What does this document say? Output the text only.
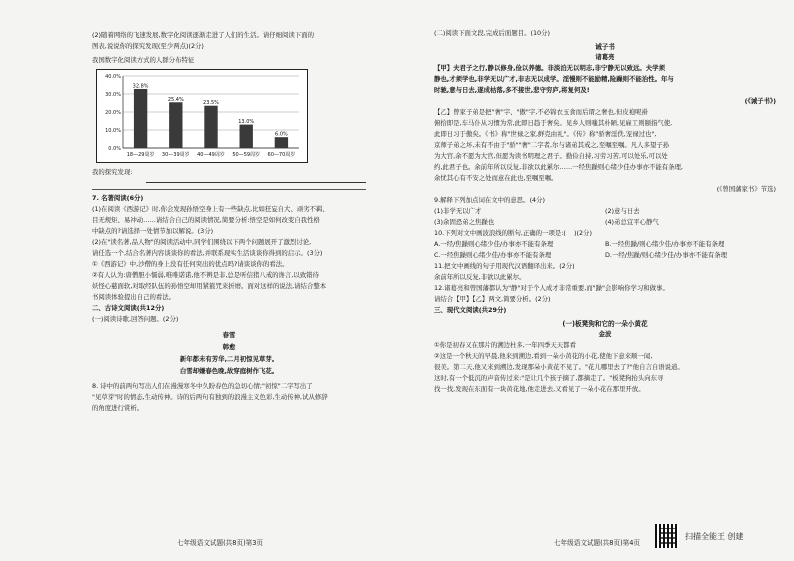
(2)随着网络的飞速发展,数字化阅读逐渐走进了人们的生活。请仔细阅读下面的

图表,说说你的探究发现(至少两点)(2分)

我国数字化阅读方式的人群分布特征

40.0%
30.0%
20.0%
10.0%
0.0%
32.8%
18—29周岁
25.4%
30—39周岁
23.5%
40—49周岁
13.0%
50—59周岁
6.0%
60—70周岁

我的探究发现:

7. 名著阅读(6分)

(1)在阅读《西游记》时,你会发现孙悟空身上有一些缺点,比如狂妄自大、顽劣不羁、

目无规矩、易冲动……请结合自己的阅读情况,简要分析:悟空是如何改变自我性格

中缺点的?请选择一处情节加以解说。(3分)

(2)在"读名著,品人物"的阅读活动中,同学们围绕以下两个问题展开了激烈讨论,

请任选一个,结合名著内容谈谈你的看法,并联系现实生活谈谈你得到的启示。(3分)

①《西游记》中,沙僧的身上没有任何突出的优点吗?请谈谈你的看法。

②有人认为:唐僧胆小懦弱,唯唯诺诺,他不辨是非,总是听信猪八戒的谗言,以致错待

妖怪心慈面软,对取经队伍的孙悟空却用紧箍咒来折磨。面对这样的说法,请结合整本

书阅读体验提出自己的看法。

二、古诗文阅读(共12分)

(一)阅读诗歌,回答问题。(2分)

春雪

韩愈

新年都未有芳华,二月初惊见草芽。

白雪却嫌春色晚,故穿庭树作飞花。

8. 诗中的前两句写出人们在漫漫寒冬中久盼春色的急切心情;"初惊"二字写出了

"见草芽"时的情态,生动传神。诗的后两句有独到的浪漫主义色彩,生动传神,试从修辞

的角度进行赏析。

七年级语文试题(共8页)第3页

(二)阅读下面文段,完成后面题目。(10分)

诫子书

诸葛亮

【甲】夫君子之行,静以修身,俭以养德。非淡泊无以明志,非宁静无以致远。夫学须

静也,才须学也,非学无以广才,非志无以成学。淫慢则不能励精,险躁则不能治性。年与

时驰,意与日去,遂成枯落,多不接世,悲守穷庐,将复何及!

(《诫子书》)

【乙】曾家子弟是把"奢"字、"傲"字,不必锦衣玉食而后谓之奢也,但皮袍呢褂

俯拾即是,车马仆从习惯为常,此即日趋于奢矣。见乡人则嗤其朴陋,见雇工则颐指气使,

此即日习于傲矣。《书》称"世禄之家,鲜克由礼"。《传》称"骄奢淫佚,宠禄过也",

京师子弟之坏,未有不由于"骄""奢"二字者,尔与诸弟其戒之,至嘱至嘱。凡人多望子孙

为大官,余不愿为大官,但愿为读书明理之君子。勤俭自持,习劳习苦,可以处乐,可以处

约,此君子也。余前年所以反复,非欲以此累尔……一经焦躁则心绪少佳办事亦不能有条理,

余忧其心有不安之处而意在此也,至嘱至嘱。

(《曾国藩家书》节选)

9.解释下列加点词在文中的意思。(4分)

(1)非学无以广才	(2)意与日去

(3)余固恐弟之焦躁也	(4)弟总宜平心静气

10.下列对文中画波浪线的断句,正确的一项是:(    )(2分)

A.一经/焦躁则心绪少佳/办事亦不能有条理	B.一经焦躁/则心绪少佳/办事亦不能有条理

C.一经焦躁则心绪少佳/办事亦不能有条理	D.一经/焦躁/则心绪少佳/办事亦不能有条理

11.把文中画线的句子用现代汉语翻译出来。(2分)

余前年所以反复,非欲以此累尔。

12.诸葛亮和曾国藩都认为"静"对于个人成才非常重要,而"躁"会影响你学习和做事。

请结合【甲】【乙】两文,简要分析。(2分)

三、现代文阅读(共29分)

(一)板凳狗和它的一朵小黄花

金波

①你是初春又在那片的溯边杜多,一年四季天天都看

②这是一个秋天的早晨,他来到溯边,看到一朵小黄花的小花,使他下意来顺一闻,

很美。第二天,他又来到溯边,发现那朵小黄花不见了。"花儿哪里去了?"他自言自语说道。

这时,有一个低沉的声音传过来:"是让几个孩子摘了,都摘走了。"板凳狗抬头向东寻

找一找,发现在东面有一块黄花地,他走进去,又看见了一朵小花在那里开放。

七年级语文试题(共8页)第4页
扫描全能王 创建
